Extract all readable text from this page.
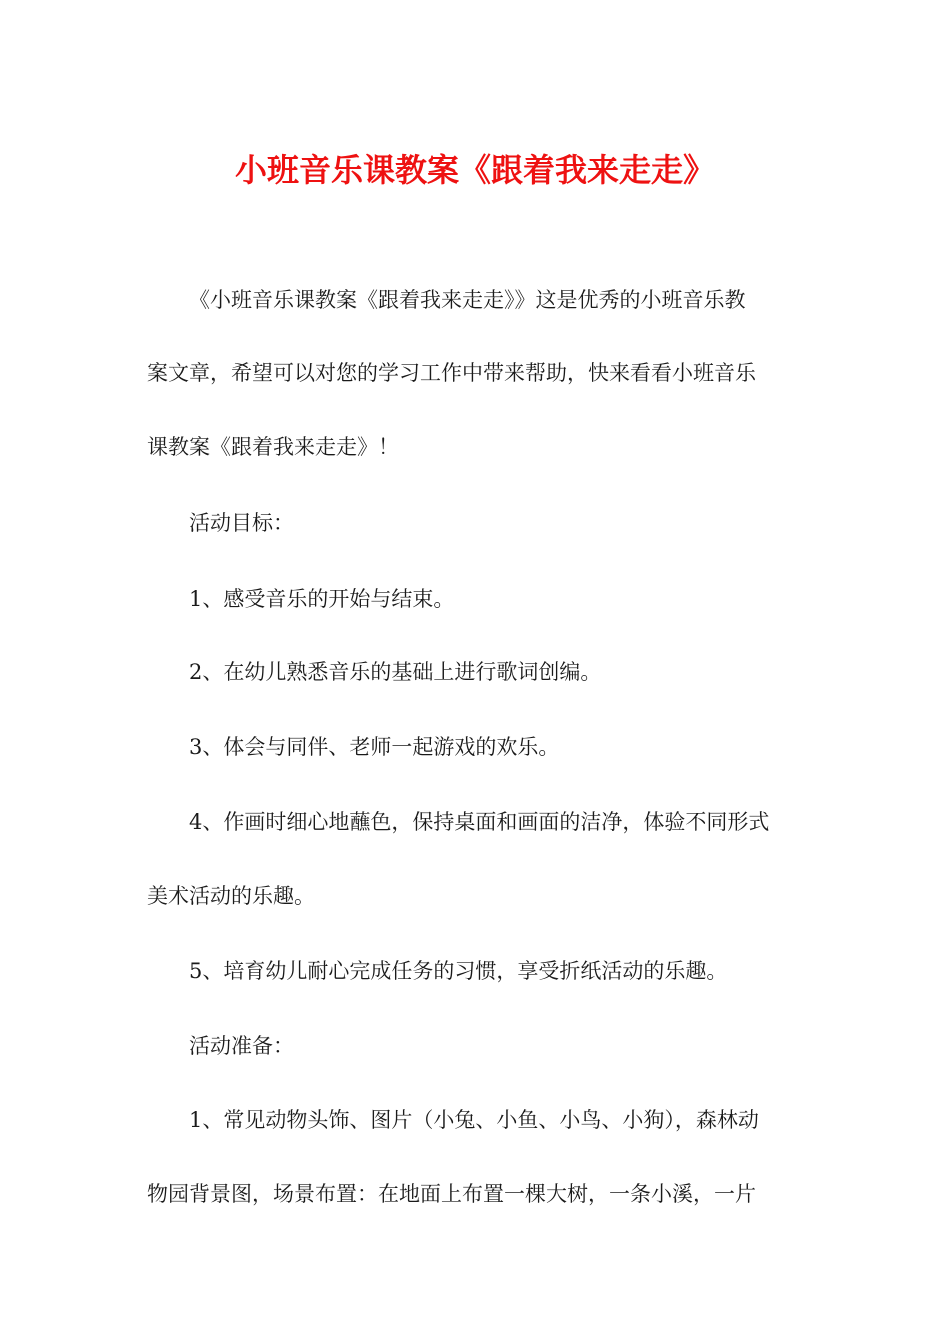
小班音乐课教案《跟着我来走走》

《小班音乐课教案《跟着我来走走》》这是优秀的小班音乐教

案文章，希望可以对您的学习工作中带来帮助，快来看看小班音乐

课教案《跟着我来走走》！

活动目标：

1、感受音乐的开始与结束。

2、在幼儿熟悉音乐的基础上进行歌词创编。

3、体会与同伴、老师一起游戏的欢乐。

4、作画时细心地蘸色，保持桌面和画面的洁净，体验不同形式

美术活动的乐趣。

5、培育幼儿耐心完成任务的习惯，享受折纸活动的乐趣。

活动准备：

1、常见动物头饰、图片（小兔、小鱼、小鸟、小狗），森林动

物园背景图，场景布置：在地面上布置一棵大树，一条小溪，一片
